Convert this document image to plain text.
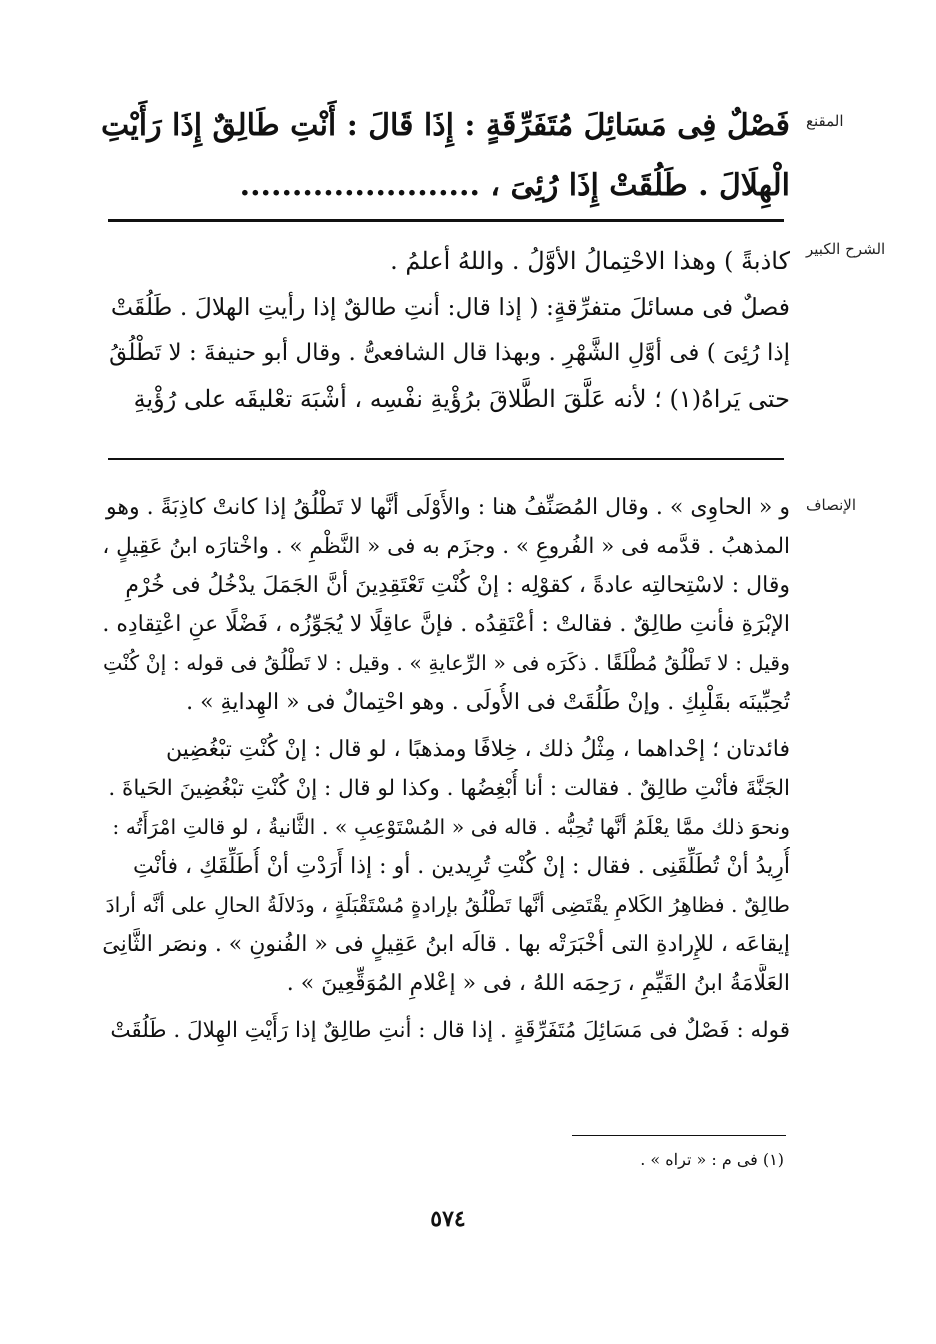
المقنع
فَصْلٌ فِى مَسَائِلَ مُتَفَرِّقَةٍ : إِذَا قَالَ : أَنْتِ طَالِقٌ إِذَا رَأَيْتِ
الْهِلَالَ . طَلُقَتْ إِذَا رُئِىَ ، .......................
الشرح الكبير
كاذبةً ) وهذا الاحْتِمالُ الأوَّلُ . واللهُ أعلمُ .
فصلٌ فى مسائلَ متفرِّقةٍ: ( إذا قال: أنتِ طالقٌ إذا رأيتِ الهلالَ . طَلُقَتْ
إذا رُئِىَ ) فى أوَّلِ الشَّهْرِ . وبهذا قال الشافعىُّ . وقال أبو حنيفةَ : لا تَطْلُقُ
حتى يَراهُ(١) ؛ لأنه عَلَّقَ الطَّلاقَ برُؤْيةِ نفْسِه ، أشْبَهَ تعْليقَه على رُؤْيةِ
الإنصاف
و « الحاوِى » . وقال المُصَنِّفُ هنا : والأَوْلَى أنَّها لا تَطْلُقُ إذا كانتْ كاذِبَةً . وهو
المذهبُ . قدَّمه فى « الفُروعِ » . وجزَم به فى « النَّظْمِ » . واخْتارَه ابنُ عَقِيلٍ ،
وقال : لاسْتِحالتِه عادةً ، كقوْلِه : إنْ كُنْتِ تَعْتَقِدِينَ أنَّ الجَمَلَ يدْخُلُ فى خُرْمِ
الإبْرَةِ فأنتِ طالِقٌ . فقالتْ : أعْتَقِدُه . فإنَّ عاقِلًا لا يُجَوِّزُه ، فَضْلًا عنِ اعْتِقادِه .
وقيل : لا تَطْلُقُ مُطْلَقًا . ذكَرَه فى « الرِّعايةِ » . وقيل : لا تَطْلُقُ فى قوله : إنْ كُنْتِ
تُحِبِّينَه بقَلْبِكِ . وإنْ طَلُقَتْ فى الأُولَى . وهو احْتِمالٌ فى « الهِدايةِ » .
فائدتان ؛ إحْداهما ، مِثْلُ ذلك ، خِلافًا ومذهبًا ، لو قال : إنْ كُنْتِ تبْغُضِين
الجَنَّةَ فأنْتِ طالِقٌ . فقالت : أنا أُبْغِضُها . وكذا لو قال : إنْ كُنْتِ تبْغُضِينَ الحَياةَ .
ونحوَ ذلك ممَّا يعْلَمُ أنَّها تُحِبُّه . قاله فى « المُسْتَوْعِبِ » . الثَّانيةُ ، لو قالتِ امْرَأَتُه :
أُرِيدُ أنْ تُطَلِّقَنِى . فقال : إنْ كُنْتِ تُرِيدين . أو : إذا أَرَدْتِ أنْ أُطَلِّقَكِ ، فأنْتِ
طالِقٌ . فظاهِرُ الكَلامِ يقْتَضِى أنَّها تَطْلُقُ بإرادةٍ مُسْتَقْبَلَةٍ ، ودَلالَةُ الحالِ على أنَّه أرادَ
إيقاعَه ، للإِرادةِ التى أخْبَرَتْه بها . قالَه ابنُ عَقِيلٍ فى « الفُنونِ » . ونصَر الثَّانِىَ
العَلَّامَةُ ابنُ القَيِّمِ ، رَحِمَه اللهُ ، فى « إعْلامِ المُوَقِّعِينَ » .
قوله : فَصْلٌ فى مَسَائِلَ مُتَفَرِّقَةٍ . إذا قال : أنتِ طالِقٌ إذا رَأَيْتِ الهِلالَ . طَلُقَتْ
(١) فى م : « تراه » .
٥٧٤
